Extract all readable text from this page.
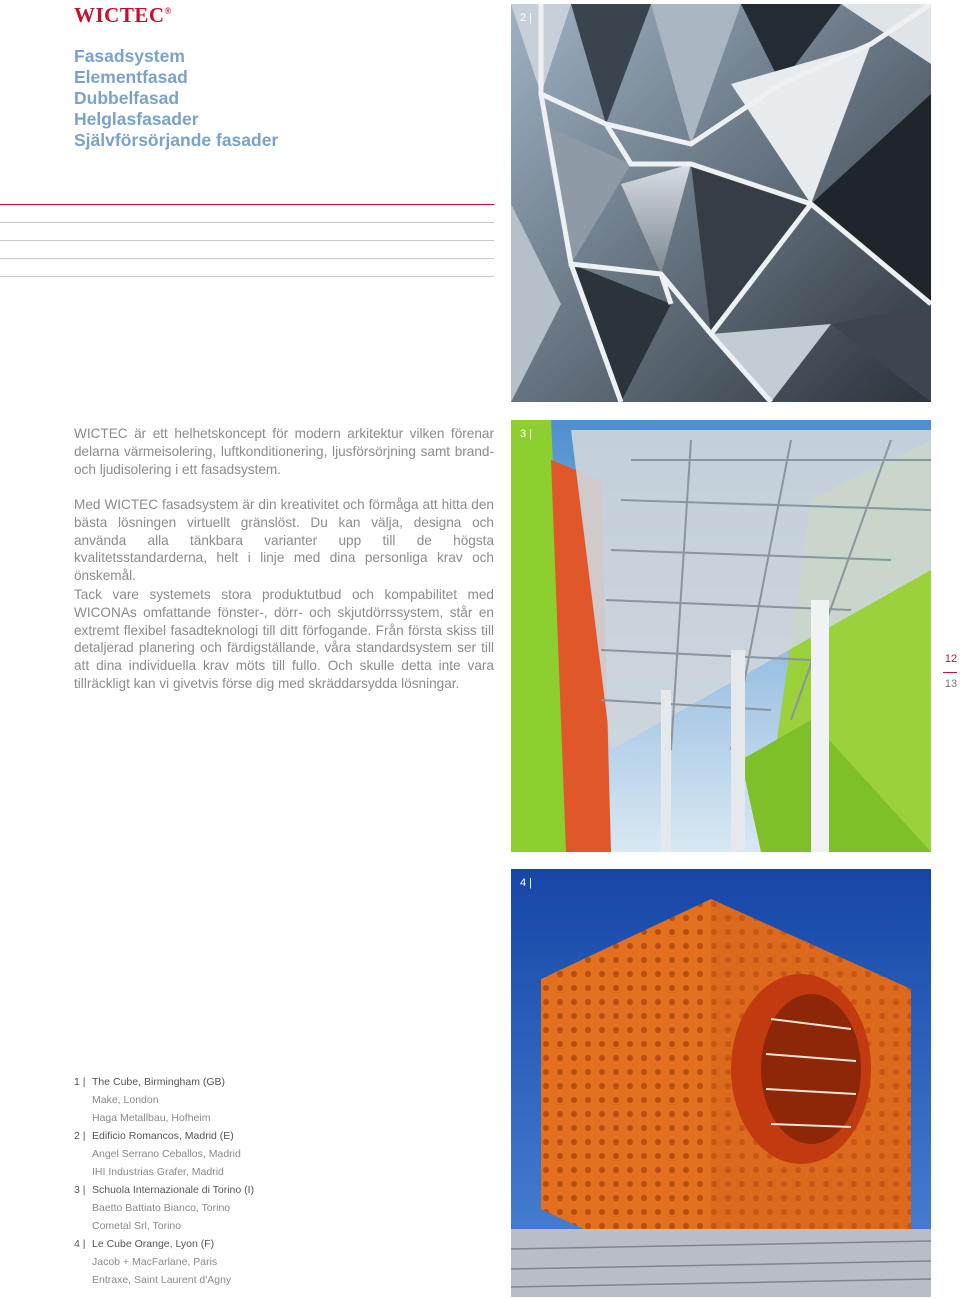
WICTEC®
Fasadsystem
Elementfasad
Dubbelfasad
Helglasfasader
Självförsörjande fasader
WICTEC är ett helhetskoncept för modern arkitektur vilken förenar delarna värmeisolering, luftkonditionering, ljusförsörjning samt brand- och ljudisolering i ett fasadsystem.
Med WICTEC fasadsystem är din kreativitet och förmåga att hitta den bästa lösningen virtuellt gränslöst. Du kan välja, designa och använda alla tänkbara varianter upp till de högsta kvalitetsstandarderna, helt i linje med dina personliga krav och önskemål.
Tack vare systemets stora produktutbud och kompabilitet med WICONAs omfattande fönster-, dörr- och skjutdörrssystem, står en extremt flexibel fasadteknologi till ditt förfogande. Från första skiss till detaljerad planering och färdigställande, våra standardsystem ser till att dina individuella krav möts till fullo. Och skulle detta inte vara tillräckligt kan vi givetvis förse dig med skräddarsydda lösningar.
2 |
3 |
4 |
12
13
1 | The Cube, Birmingham (GB)
Make, London
Haga Metallbau, Hofheim
2 | Edificio Romancos, Madrid (E)
Angel Serrano Ceballos, Madrid
IHI Industrias Grafer, Madrid
3 | Schuola Internazionale di Torino (I)
Baetto Battiato Bianco, Torino
Cometal Srl, Torino
4 | Le Cube Orange, Lyon (F)
Jacob + MacFarlane, Paris
Entraxe, Saint Laurent d'Agny
